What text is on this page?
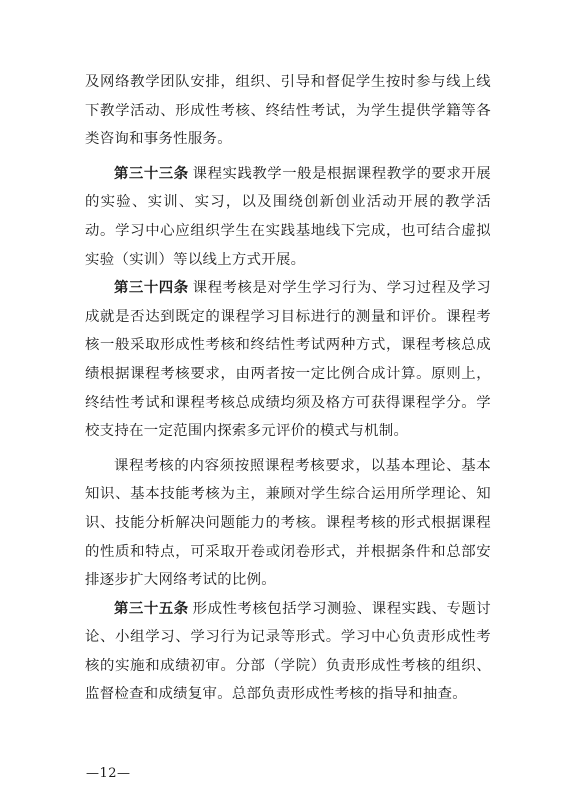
及网络教学团队安排，组织、引导和督促学生按时参与线上线下教学活动、形成性考核、终结性考试，为学生提供学籍等各类咨询和事务性服务。

第三十三条 课程实践教学一般是根据课程教学的要求开展的实验、实训、实习，以及围绕创新创业活动开展的教学活动。学习中心应组织学生在实践基地线下完成，也可结合虚拟实验（实训）等以线上方式开展。

第三十四条 课程考核是对学生学习行为、学习过程及学习成就是否达到既定的课程学习目标进行的测量和评价。课程考核一般采取形成性考核和终结性考试两种方式，课程考核总成绩根据课程考核要求，由两者按一定比例合成计算。原则上，终结性考试和课程考核总成绩均须及格方可获得课程学分。学校支持在一定范围内探索多元评价的模式与机制。

课程考核的内容须按照课程考核要求，以基本理论、基本知识、基本技能考核为主，兼顾对学生综合运用所学理论、知识、技能分析解决问题能力的考核。课程考核的形式根据课程的性质和特点，可采取开卷或闭卷形式，并根据条件和总部安排逐步扩大网络考试的比例。

第三十五条 形成性考核包括学习测验、课程实践、专题讨论、小组学习、学习行为记录等形式。学习中心负责形成性考核的实施和成绩初审。分部（学院）负责形成性考核的组织、监督检查和成绩复审。总部负责形成性考核的指导和抽查。

—12—
